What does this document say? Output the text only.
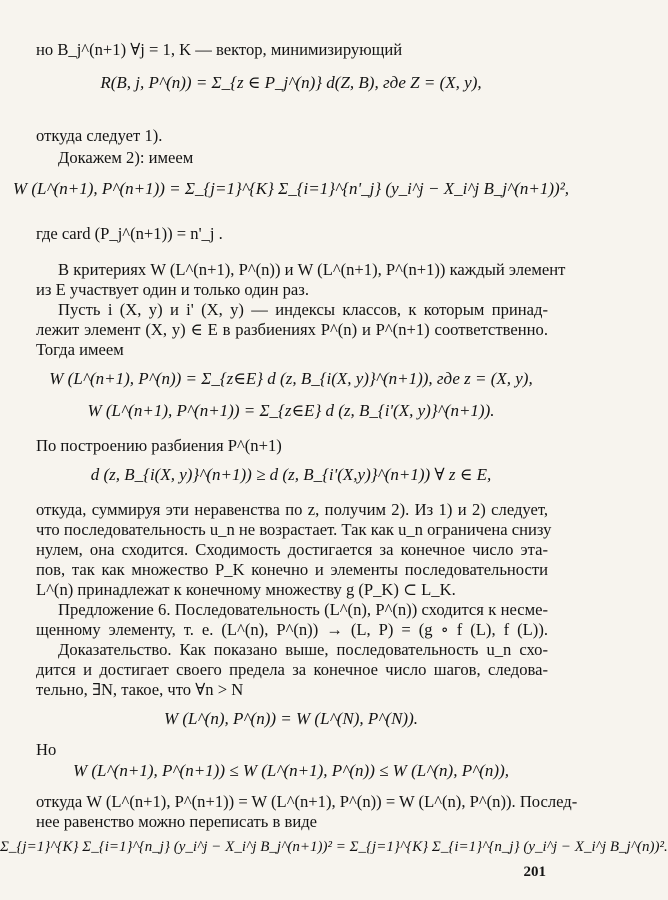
но B_j^(n+1) ∀j = 1, K — вектор, минимизирующий
R(B, j, P^(n)) = Σ_{z ∈ P_j^(n)} d(Z, B), где Z = (X, y),
откуда следует 1).
Докажем 2): имеем
W (L^(n+1), P^(n+1)) = Σ_{j=1}^{K} Σ_{i=1}^{n'_j} (y_i^j − X_i^j B_j^(n+1))²,
где card (P_j^(n+1)) = n'_j .
В критериях W (L^(n+1), P^(n)) и W (L^(n+1), P^(n+1)) каждый элемент
из E участвует один и только один раз.
Пусть i (X, y) и i' (X, y) — индексы классов, к которым принад-
лежит элемент (X, y) ∈ E в разбиениях P^(n) и P^(n+1) соответственно.
Тогда имеем
W (L^(n+1), P^(n)) = Σ_{z∈E} d (z, B_{i(X, y)}^(n+1)), где z = (X, y),
W (L^(n+1), P^(n+1)) = Σ_{z∈E} d (z, B_{i'(X, y)}^(n+1)).
По построению разбиения P^(n+1)
d (z, B_{i(X, y)}^(n+1)) ≥ d (z, B_{i'(X,y)}^(n+1)) ∀ z ∈ E,
откуда, суммируя эти неравенства по z, получим 2). Из 1) и 2) следует,
что последовательность u_n не возрастает. Так как u_n ограничена снизу
нулем, она сходится. Сходимость достигается за конечное число эта-
пов, так как множество P_K конечно и элементы последовательности
L^(n) принадлежат к конечному множеству g (P_K) ⊂ L_K.
Предложение 6. Последовательность (L^(n), P^(n)) сходится к несме-
щенному элементу, т. е. (L^(n), P^(n)) → (L, P) = (g ∘ f (L), f (L)).
Доказательство. Как показано выше, последовательность u_n схо-
дится и достигает своего предела за конечное число шагов, следова-
тельно, ∃N, такое, что ∀n > N
W (L^(n), P^(n)) = W (L^(N), P^(N)).
Но
W (L^(n+1), P^(n+1)) ≤ W (L^(n+1), P^(n)) ≤ W (L^(n), P^(n)),
откуда W (L^(n+1), P^(n+1)) = W (L^(n+1), P^(n)) = W (L^(n), P^(n)). Послед-
нее равенство можно переписать в виде
Σ_{j=1}^{K} Σ_{i=1}^{n_j} (y_i^j − X_i^j B_j^(n+1))² = Σ_{j=1}^{K} Σ_{i=1}^{n_j} (y_i^j − X_i^j B_j^(n))².
201
